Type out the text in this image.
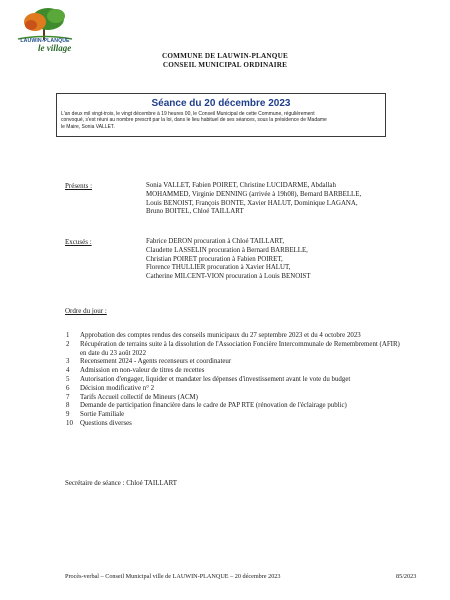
LAUWIN-PLANQUE
le village
COMMUNE DE LAUWIN-PLANQUE
CONSEIL MUNICIPAL ORDINAIRE
Séance du 20 décembre 2023
L'an deux mil vingt-trois, le vingt décembre à 19 heures 00, le Conseil Municipal de cette Commune, régulièrement
convoqué, s'est réuni au nombre prescrit par la loi, dans le lieu habituel de ses séances, sous la présidence de Madame
le Maire, Sonia VALLET.
Présents :	Sonia VALLET, Fabien POIRET, Christine LUCIDARME, Abdallah
MOHAMMED, Virginie DENNING (arrivée à 19h08), Bernard BARBELLE,
Louis BENOIST, François BONTE, Xavier HALUT, Dominique LAGANA,
Bruno BOITEL, Chloé TAILLART
Excusés :	Fabrice DERON procuration à Chloé TAILLART,
Claudette LASSELIN procuration à Bernard BARBELLE,
Christian POIRET procuration à Fabien POIRET,
Florence THULLIER procuration à Xavier HALUT,
Catherine MILCENT-VION procuration à Louis BENOIST
Ordre du jour :
1	Approbation des comptes rendus des conseils municipaux du 27 septembre 2023 et du 4 octobre 2023
2	Récupération de terrains suite à la dissolution de l'Association Foncière Intercommunale de Remembrement (AFIR) en date du 23 août 2022
3	Recensement 2024 - Agents recenseurs et coordinateur
4	Admission en non-valeur de titres de recettes
5	Autorisation d'engager, liquider et mandater les dépenses d'investissement avant le vote du budget
6	Décision modificative n° 2
7	Tarifs Accueil collectif de Mineurs (ACM)
8	Demande de participation financière dans le cadre de PAP RTE (rénovation de l'éclairage public)
9	Sortie Familiale
10	Questions diverses
Secrétaire de séance : Chloé TAILLART
Procès-verbal – Conseil Municipal ville de LAUWIN-PLANQUE – 20 décembre 2023	85/2023
